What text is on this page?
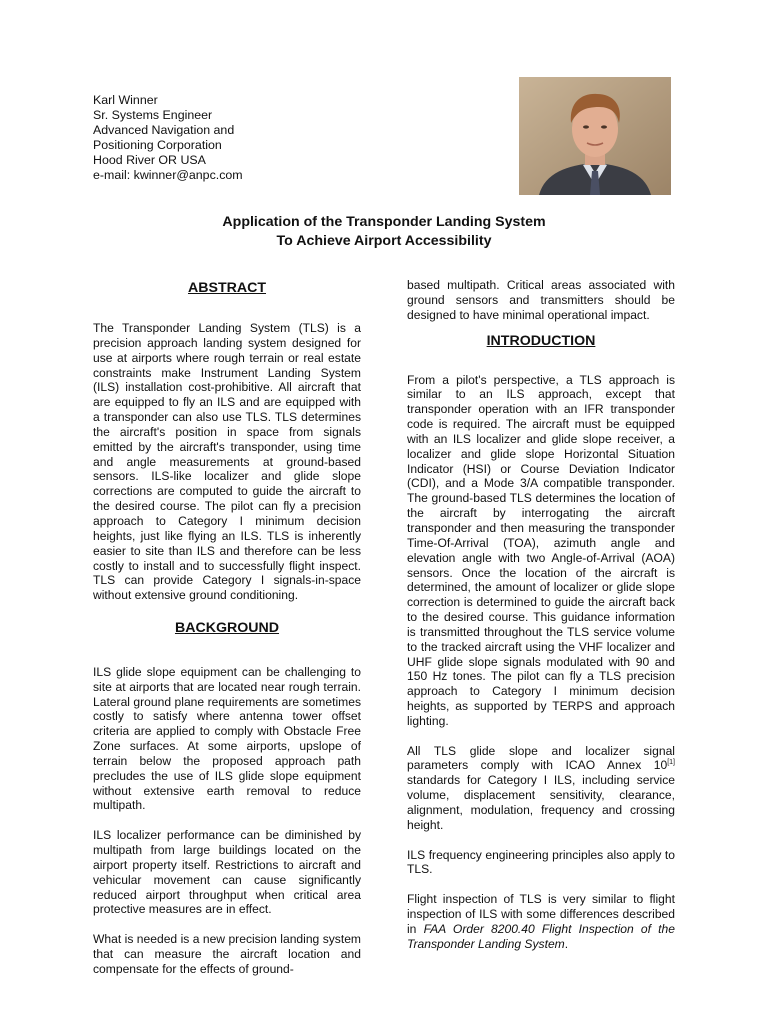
Karl Winner
Sr. Systems Engineer
Advanced Navigation and
Positioning Corporation
Hood River OR USA
e-mail: kwinner@anpc.com
Application of the Transponder Landing System
To Achieve Airport Accessibility
ABSTRACT

The Transponder Landing System (TLS) is a precision approach landing system designed for use at airports where rough terrain or real estate constraints make Instrument Landing System (ILS) installation cost-prohibitive. All aircraft that are equipped to fly an ILS and are equipped with a transponder can also use TLS. TLS determines the aircraft's position in space from signals emitted by the aircraft's transponder, using time and angle measurements at ground-based sensors. ILS-like localizer and glide slope corrections are computed to guide the aircraft to the desired course. The pilot can fly a precision approach to Category I minimum decision heights, just like flying an ILS. TLS is inherently easier to site than ILS and therefore can be less costly to install and to successfully flight inspect. TLS can provide Category I signals-in-space without extensive ground conditioning.

BACKGROUND

ILS glide slope equipment can be challenging to site at airports that are located near rough terrain. Lateral ground plane requirements are sometimes costly to satisfy where antenna tower offset criteria are applied to comply with Obstacle Free Zone surfaces. At some airports, upslope of terrain below the proposed approach path precludes the use of ILS glide slope equipment without extensive earth removal to reduce multipath.

ILS localizer performance can be diminished by multipath from large buildings located on the airport property itself. Restrictions to aircraft and vehicular movement can cause significantly reduced airport throughput when critical area protective measures are in effect.

What is needed is a new precision landing system that can measure the aircraft location and compensate for the effects of ground-

based multipath. Critical areas associated with ground sensors and transmitters should be designed to have minimal operational impact.

INTRODUCTION

From a pilot's perspective, a TLS approach is similar to an ILS approach, except that transponder operation with an IFR transponder code is required. The aircraft must be equipped with an ILS localizer and glide slope receiver, a localizer and glide slope Horizontal Situation Indicator (HSI) or Course Deviation Indicator (CDI), and a Mode 3/A compatible transponder. The ground-based TLS determines the location of the aircraft by interrogating the aircraft transponder and then measuring the transponder Time-Of-Arrival (TOA), azimuth angle and elevation angle with two Angle-of-Arrival (AOA) sensors. Once the location of the aircraft is determined, the amount of localizer or glide slope correction is determined to guide the aircraft back to the desired course. This guidance information is transmitted throughout the TLS service volume to the tracked aircraft using the VHF localizer and UHF glide slope signals modulated with 90 and 150 Hz tones. The pilot can fly a TLS precision approach to Category I minimum decision heights, as supported by TERPS and approach lighting.

All TLS glide slope and localizer signal parameters comply with ICAO Annex 10[1] standards for Category I ILS, including service volume, displacement sensitivity, clearance, alignment, modulation, frequency and crossing height.

ILS frequency engineering principles also apply to TLS.

Flight inspection of TLS is very similar to flight inspection of ILS with some differences described in FAA Order 8200.40 Flight Inspection of the Transponder Landing System.
